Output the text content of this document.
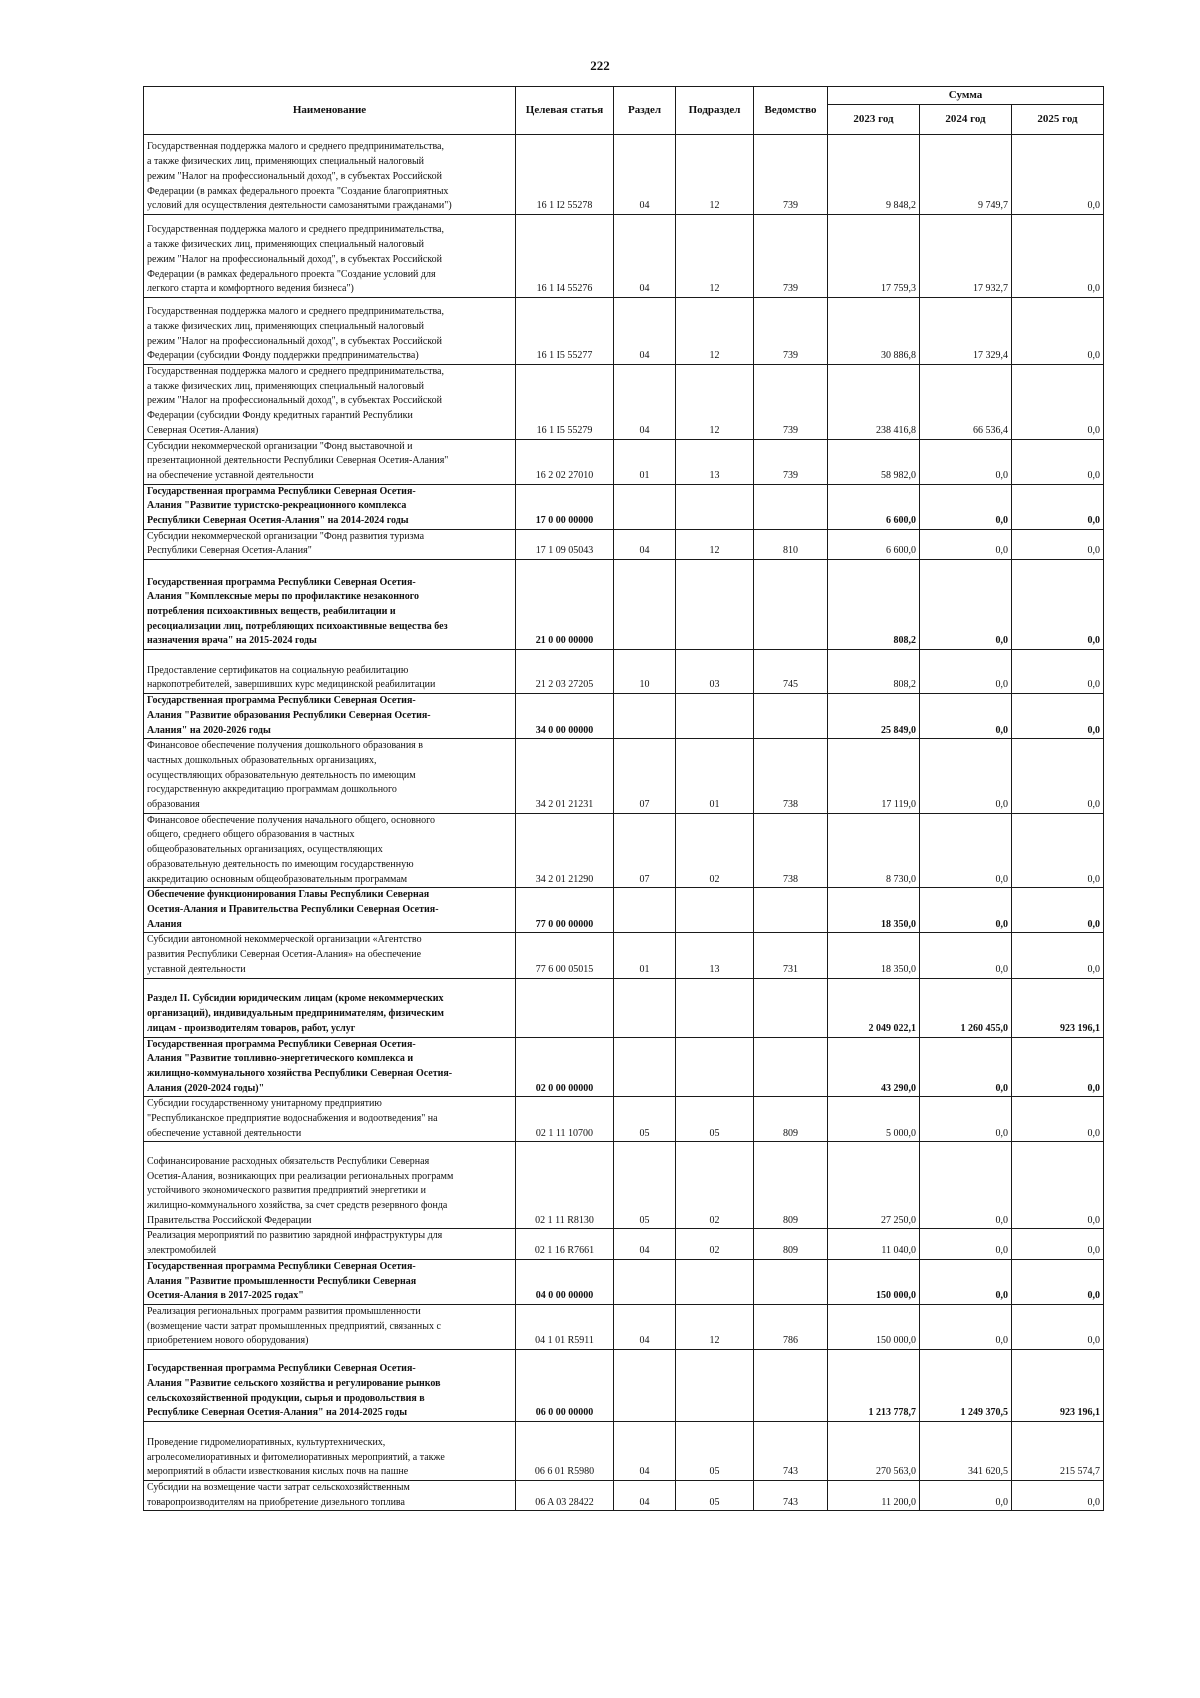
222
Наименование	Целевая статья	Раздел	Подраздел	Ведомство	Сумма		
					2023 год	2024 год	2025 год
Государственная поддержка малого и среднего предпринимательства,
а также физических лиц, применяющих специальный налоговый
режим "Налог на профессиональный доход", в субъектах Российской
Федерации (в рамках федерального проекта "Создание благоприятных
условий для осуществления деятельности самозанятыми гражданами")	16 1 I2 55278	04	12	739	9 848,2	9 749,7	0,0
Государственная поддержка малого и среднего предпринимательства,
а также физических лиц, применяющих специальный налоговый
режим "Налог на профессиональный доход", в субъектах Российской
Федерации (в рамках федерального проекта "Создание условий для
легкого старта и комфортного ведения бизнеса")	16 1 I4 55276	04	12	739	17 759,3	17 932,7	0,0
Государственная поддержка малого и среднего предпринимательства,
а также физических лиц, применяющих специальный налоговый
режим "Налог на профессиональный доход", в субъектах Российской
Федерации (субсидии Фонду поддержки предпринимательства)	16 1 I5 55277	04	12	739	30 886,8	17 329,4	0,0
Государственная поддержка малого и среднего предпринимательства,
а также физических лиц, применяющих специальный налоговый
режим "Налог на профессиональный доход", в субъектах Российской
Федерации (субсидии Фонду кредитных гарантий Республики
Северная Осетия-Алания)	16 1 I5 55279	04	12	739	238 416,8	66 536,4	0,0
Субсидии некоммерческой организации "Фонд выставочной и
презентационной деятельности Республики Северная Осетия-Алания"
на обеспечение уставной деятельности	16 2 02 27010	01	13	739	58 982,0	0,0	0,0
Государственная программа Республики Северная Осетия-
Алания "Развитие туристско-рекреационного комплекса
Республики Северная Осетия-Алания" на 2014-2024 годы	17 0 00 00000				6 600,0	0,0	0,0
Субсидии некоммерческой организации "Фонд развития туризма
Республики Северная Осетия-Алания"	17 1 09 05043	04	12	810	6 600,0	0,0	0,0
Государственная программа Республики Северная Осетия-
Алания "Комплексные меры по профилактике незаконного
потребления психоактивных веществ, реабилитации и
ресоциализации лиц, потребляющих психоактивные вещества без
назначения врача" на 2015-2024 годы	21 0 00 00000				808,2	0,0	0,0
Предоставление сертификатов на социальную реабилитацию
наркопотребителей, завершивших курс медицинской реабилитации	21 2 03 27205	10	03	745	808,2	0,0	0,0
Государственная программа Республики Северная Осетия-
Алания "Развитие образования Республики Северная Осетия-
Алания" на 2020-2026 годы	34 0 00 00000				25 849,0	0,0	0,0
Финансовое обеспечение получения дошкольного образования в
частных дошкольных образовательных организациях,
осуществляющих образовательную деятельность по имеющим
государственную аккредитацию программам дошкольного
образования	34 2 01 21231	07	01	738	17 119,0	0,0	0,0
Финансовое обеспечение получения начального общего, основного
общего, среднего общего образования в частных
общеобразовательных организациях, осуществляющих
образовательную деятельность по имеющим государственную
аккредитацию основным общеобразовательным программам	34 2 01 21290	07	02	738	8 730,0	0,0	0,0
Обеспечение функционирования Главы Республики Северная
Осетия-Алания и Правительства Республики Северная Осетия-
Алания	77 0 00 00000				18 350,0	0,0	0,0
Субсидии автономной некоммерческой организации «Агентство
развития Республики Северная Осетия-Алания» на обеспечение
уставной деятельности	77 6 00 05015	01	13	731	18 350,0	0,0	0,0
Раздел II. Субсидии юридическим лицам (кроме некоммерческих
организаций), индивидуальным предпринимателям, физическим
лицам - производителям товаров, работ, услуг					2 049 022,1	1 260 455,0	923 196,1
Государственная программа Республики Северная Осетия-
Алания "Развитие топливно-энергетического комплекса и
жилищно-коммунального хозяйства Республики Северная Осетия-
Алания (2020-2024 годы)"	02 0 00 00000				43 290,0	0,0	0,0
Субсидии государственному унитарному предприятию
"Республиканское предприятие водоснабжения и водоотведения" на
обеспечение уставной деятельности	02 1 11 10700	05	05	809	5 000,0	0,0	0,0
Софинансирование расходных обязательств Республики Северная
Осетия-Алания, возникающих при реализации региональных программ
устойчивого экономического развития предприятий энергетики и
жилищно-коммунального хозяйства, за счет средств резервного фонда
Правительства Российской Федерации	02 1 11 R8130	05	02	809	27 250,0	0,0	0,0
Реализация мероприятий по развитию зарядной инфраструктуры для
электромобилей	02 1 16 R7661	04	02	809	11 040,0	0,0	0,0
Государственная программа Республики Северная Осетия-
Алания "Развитие промышленности Республики Северная
Осетия-Алания в 2017-2025 годах"	04 0 00 00000				150 000,0	0,0	0,0
Реализация региональных программ развития промышленности
(возмещение части затрат промышленных предприятий, связанных с
приобретением нового оборудования)	04 1 01 R5911	04	12	786	150 000,0	0,0	0,0
Государственная программа Республики Северная Осетия-
Алания "Развитие сельского хозяйства и регулирование рынков
сельскохозяйственной продукции, сырья и продовольствия в
Республике Северная Осетия-Алания" на 2014-2025 годы	06 0 00 00000				1 213 778,7	1 249 370,5	923 196,1
Проведение гидромелиоративных, культуртехнических,
агролесомелиоративных и фитомелиоративных мероприятий, а также
мероприятий в области известкования кислых почв на пашне	06 6 01 R5980	04	05	743	270 563,0	341 620,5	215 574,7
Субсидии на возмещение части затрат сельскохозяйственным
товаропроизводителям на приобретение дизельного топлива	06 A 03 28422	04	05	743	11 200,0	0,0	0,0
